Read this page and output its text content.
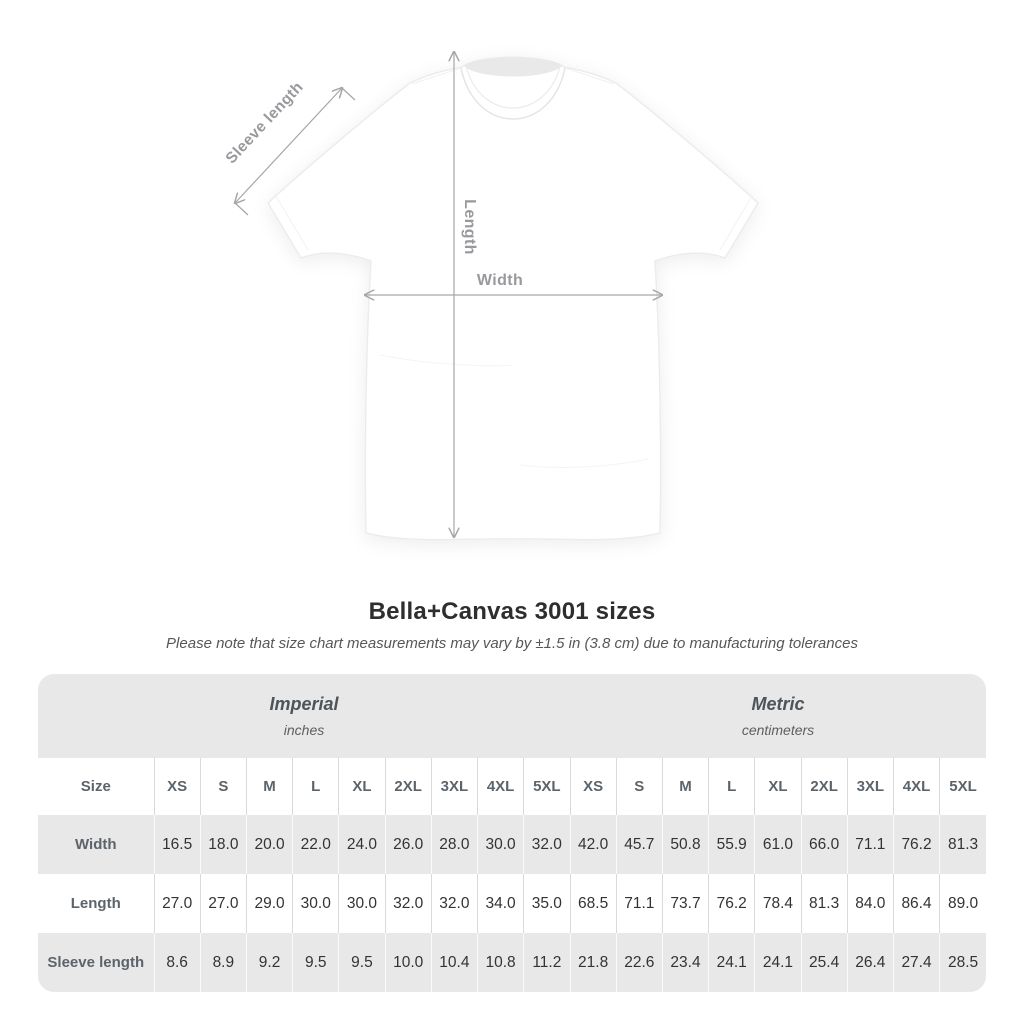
Width
Length
Sleeve length
Bella+Canvas 3001 sizes

Please note that size chart measurements may vary by ±1.5 in (3.8 cm) due to manufacturing tolerances

Imperial
inches

Metric
centimeters

Size	XS	S	M	L	XL	2XL	3XL	4XL	5XL	XS	S	M	L	XL	2XL	3XL	4XL	5XL
Width	16.5	18.0	20.0	22.0	24.0	26.0	28.0	30.0	32.0	42.0	45.7	50.8	55.9	61.0	66.0	71.1	76.2	81.3
Length	27.0	27.0	29.0	30.0	30.0	32.0	32.0	34.0	35.0	68.5	71.1	73.7	76.2	78.4	81.3	84.0	86.4	89.0
Sleeve length	8.6	8.9	9.2	9.5	9.5	10.0	10.4	10.8	11.2	21.8	22.6	23.4	24.1	24.1	25.4	26.4	27.4	28.5
